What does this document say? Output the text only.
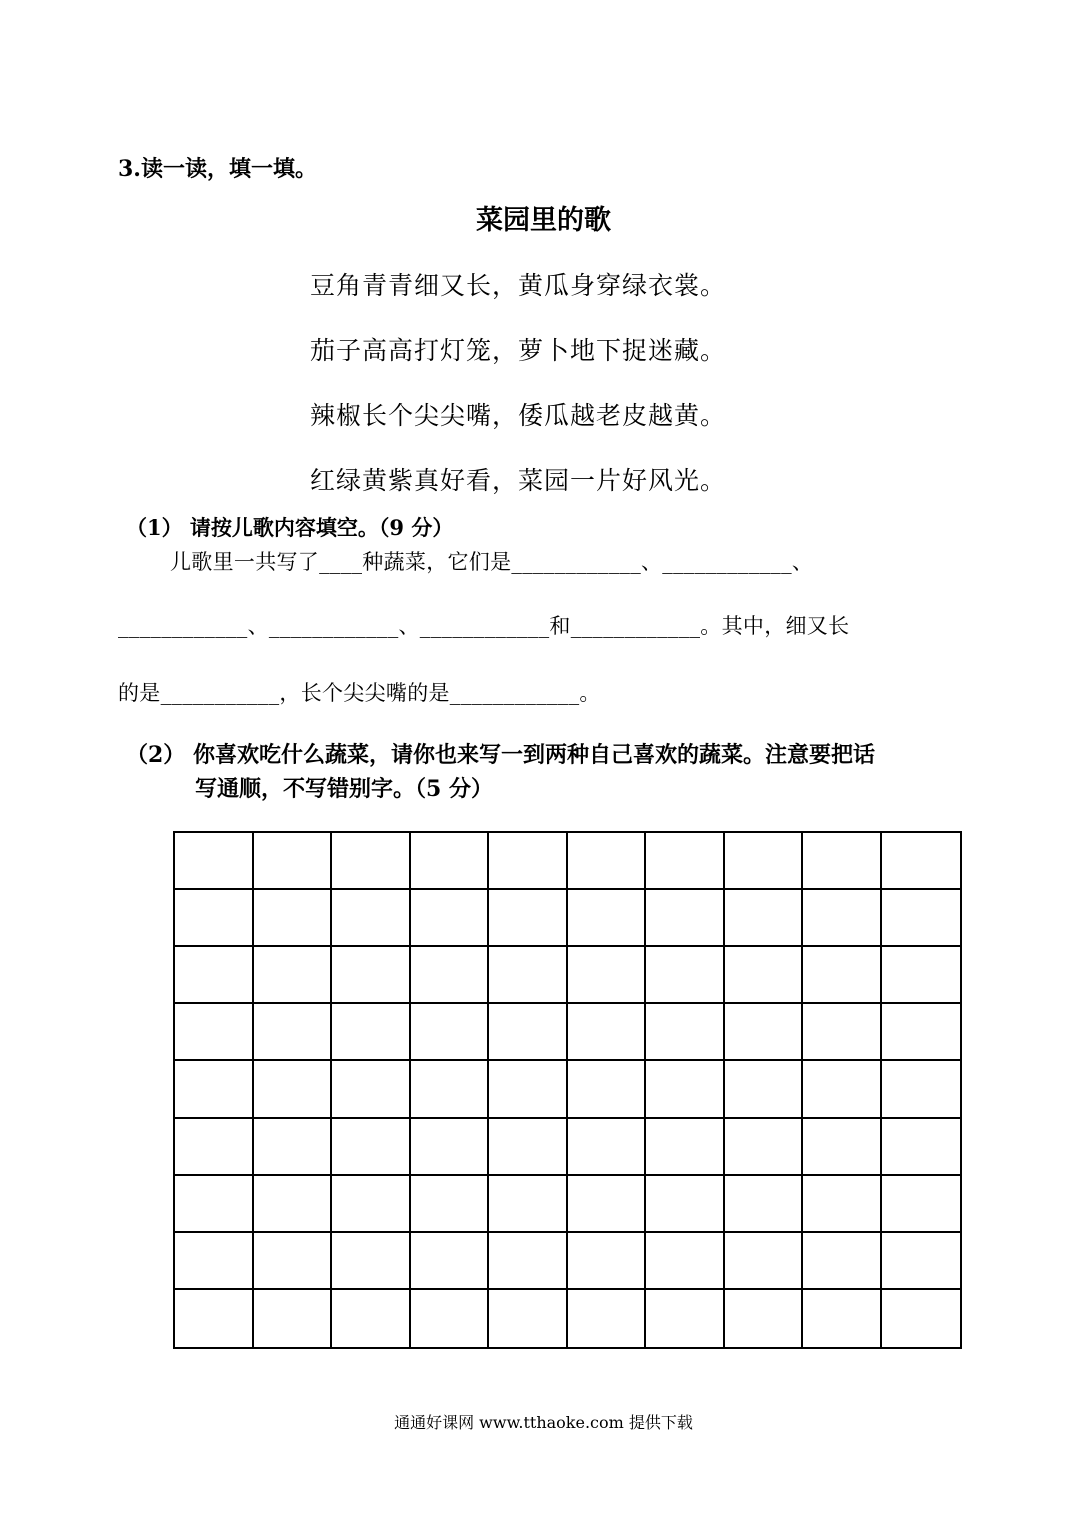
3.读一读，填一填。
菜园里的歌
豆角青青细又长，黄瓜身穿绿衣裳。
茄子高高打灯笼，萝卜地下捉迷藏。
辣椒长个尖尖嘴，倭瓜越老皮越黄。
红绿黄紫真好看，菜园一片好风光。
（1） 请按儿歌内容填空。（9 分）
儿歌里一共写了____种蔬菜，它们是____________、____________、
____________、____________、____________和____________。其中，细又长
的是___________，长个尖尖嘴的是____________。
（2） 你喜欢吃什么蔬菜，请你也来写一到两种自己喜欢的蔬菜。注意要把话
写通顺，不写错别字。（5 分）
通通好课网 www.tthaoke.com 提供下载
